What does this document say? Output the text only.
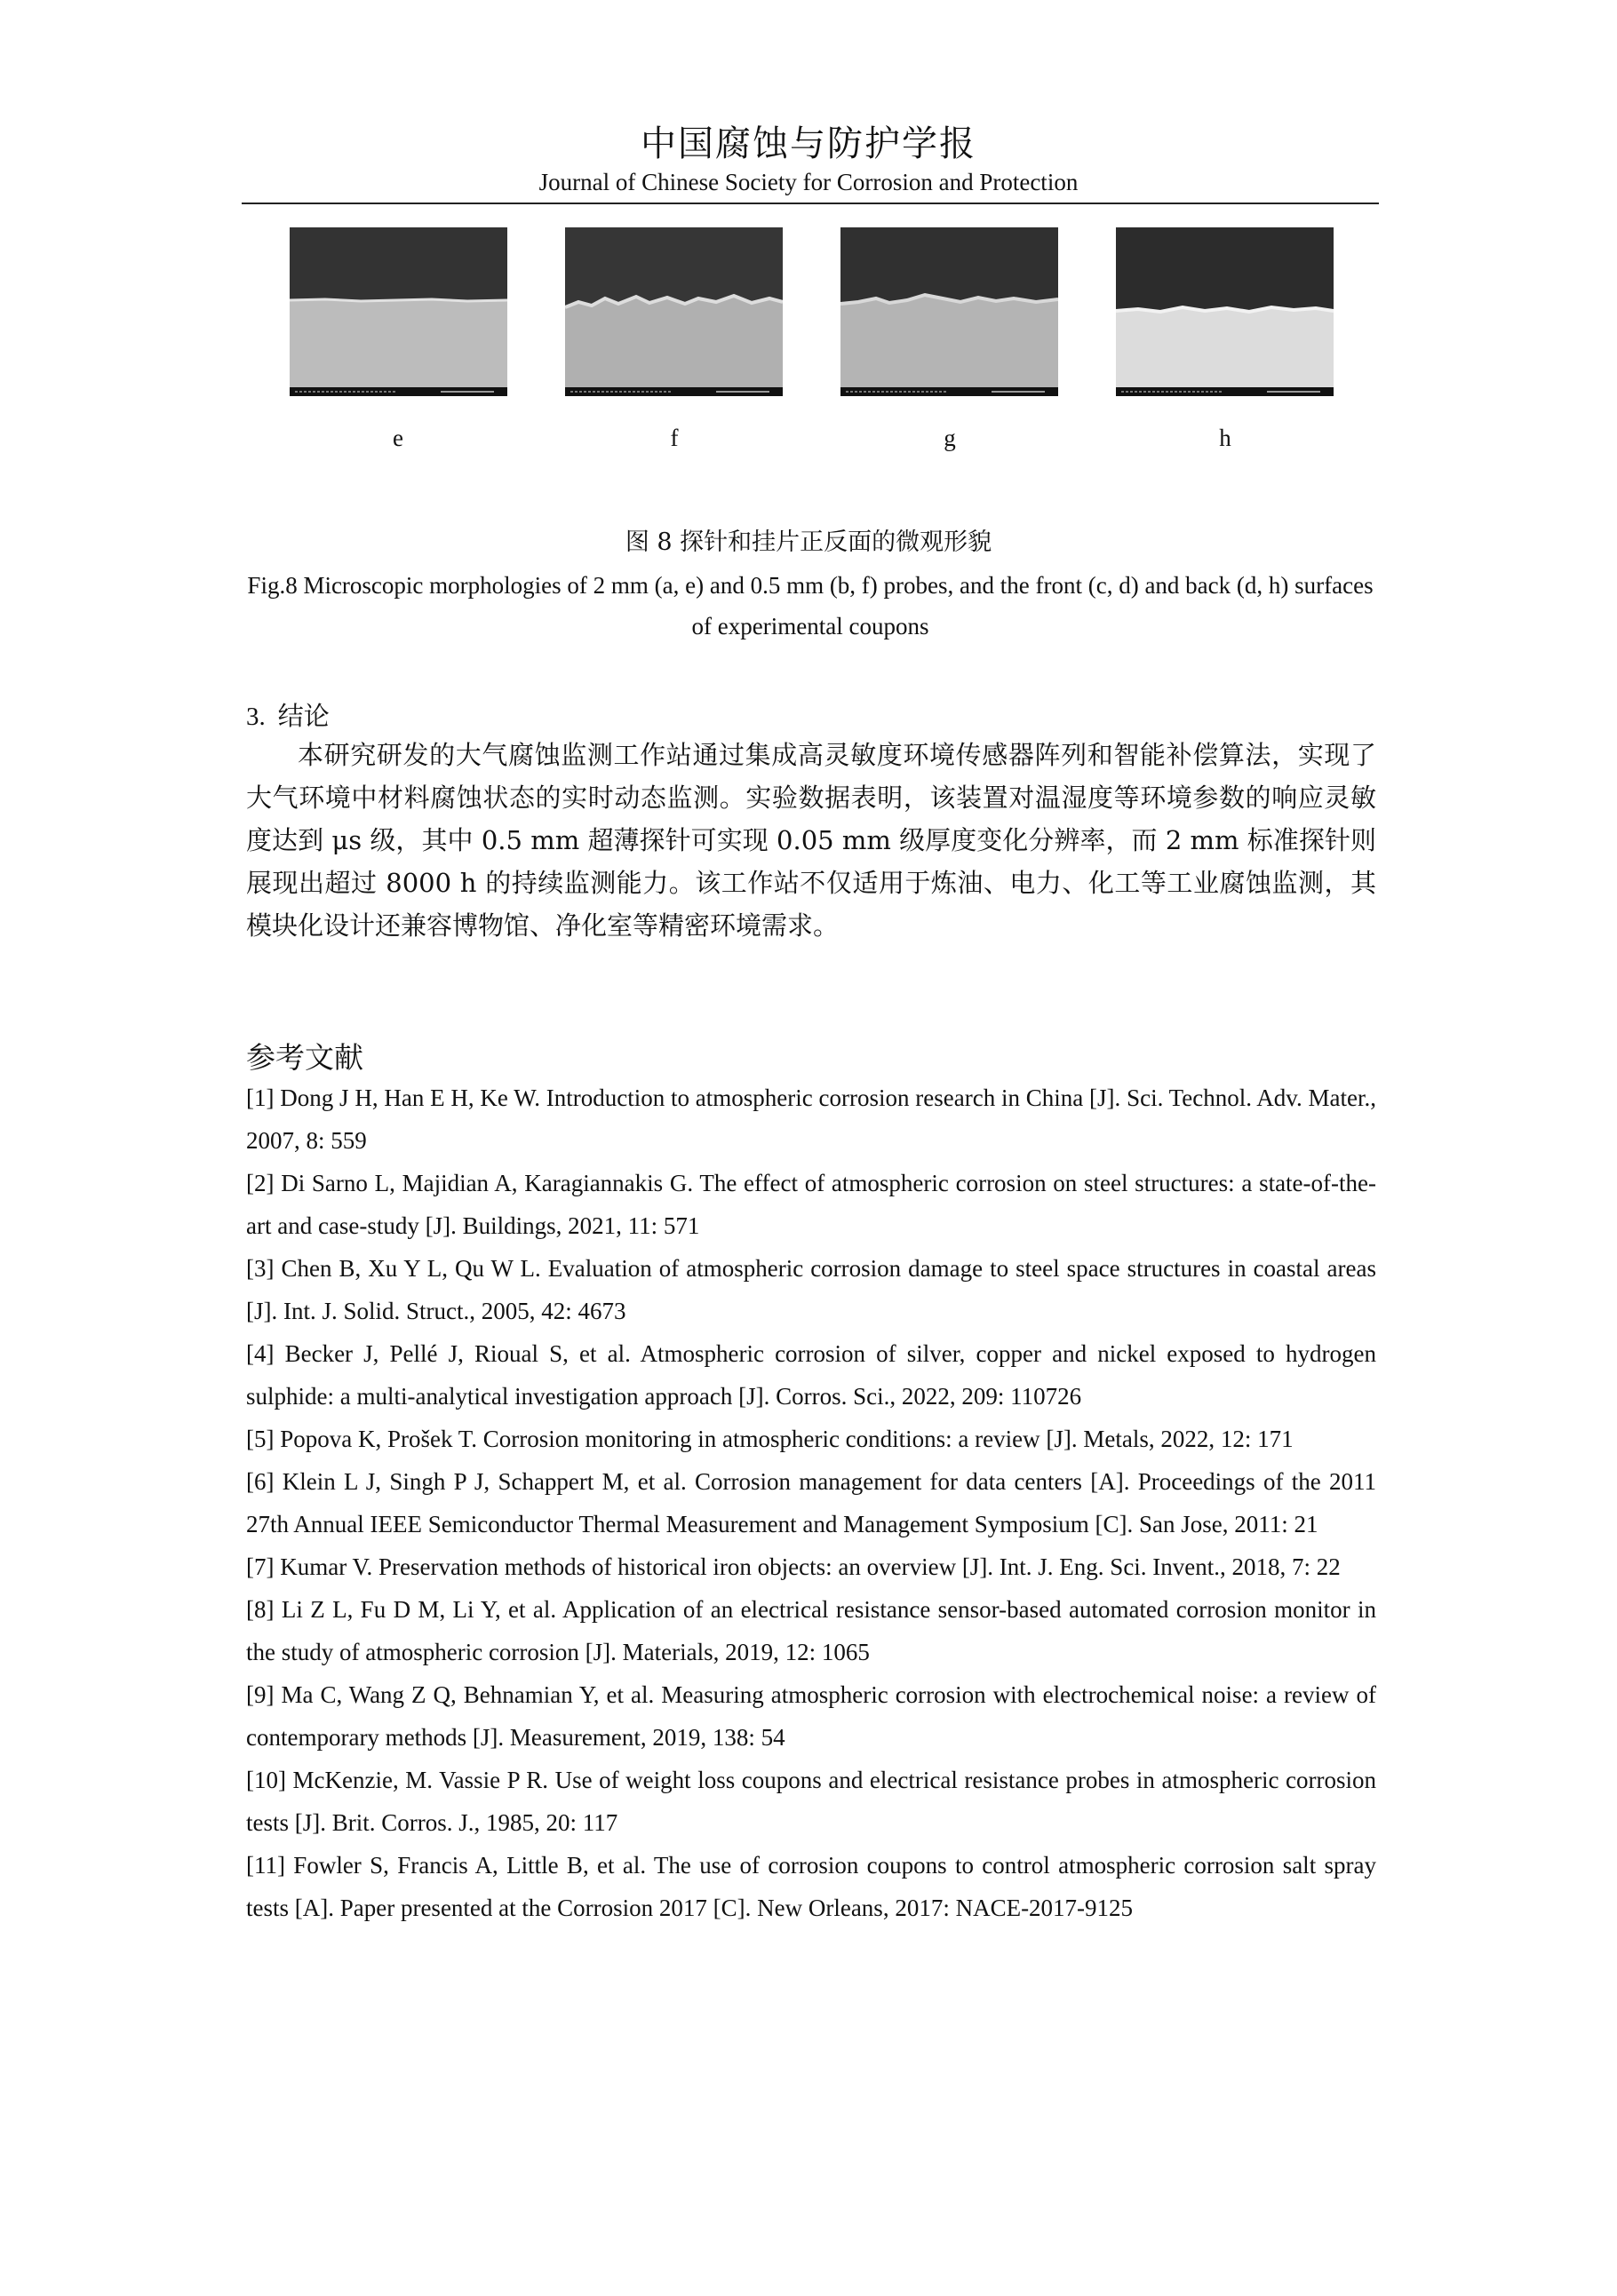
中国腐蚀与防护学报
Journal of Chinese Society for Corrosion and Protection
e	f	g	h
图 8 探针和挂片正反面的微观形貌
Fig.8 Microscopic morphologies of 2 mm (a, e) and 0.5 mm (b, f) probes, and the front (c, d) and back (d, h) surfaces of experimental coupons
3. 结论
本研究研发的大气腐蚀监测工作站通过集成高灵敏度环境传感器阵列和智能补偿算法，实现了大气环境中材料腐蚀状态的实时动态监测。实验数据表明，该装置对温湿度等环境参数的响应灵敏度达到 μs 级，其中 0.5 mm 超薄探针可实现 0.05 mm 级厚度变化分辨率，而 2 mm 标准探针则展现出超过 8000 h 的持续监测能力。该工作站不仅适用于炼油、电力、化工等工业腐蚀监测，其模块化设计还兼容博物馆、净化室等精密环境需求。
参考文献

[1] Dong J H, Han E H, Ke W. Introduction to atmospheric corrosion research in China [J]. Sci. Technol. Adv. Mater., 2007, 8: 559

[2] Di Sarno L, Majidian A, Karagiannakis G. The effect of atmospheric corrosion on steel structures: a state-of-the-art and case-study [J]. Buildings, 2021, 11: 571

[3] Chen B, Xu Y L, Qu W L. Evaluation of atmospheric corrosion damage to steel space structures in coastal areas [J]. Int. J. Solid. Struct., 2005, 42: 4673

[4] Becker J, Pellé J, Rioual S, et al. Atmospheric corrosion of silver, copper and nickel exposed to hydrogen sulphide: a multi-analytical investigation approach [J]. Corros. Sci., 2022, 209: 110726

[5] Popova K, Prošek T. Corrosion monitoring in atmospheric conditions: a review [J]. Metals, 2022, 12: 171

[6] Klein L J, Singh P J, Schappert M, et al. Corrosion management for data centers [A]. Proceedings of the 2011 27th Annual IEEE Semiconductor Thermal Measurement and Management Symposium [C]. San Jose, 2011: 21

[7] Kumar V. Preservation methods of historical iron objects: an overview [J]. Int. J. Eng. Sci. Invent., 2018, 7: 22

[8] Li Z L, Fu D M, Li Y, et al. Application of an electrical resistance sensor-based automated corrosion monitor in the study of atmospheric corrosion [J]. Materials, 2019, 12: 1065

[9] Ma C, Wang Z Q, Behnamian Y, et al. Measuring atmospheric corrosion with electrochemical noise: a review of contemporary methods [J]. Measurement, 2019, 138: 54

[10] McKenzie, M. Vassie P R. Use of weight loss coupons and electrical resistance probes in atmospheric corrosion tests [J]. Brit. Corros. J., 1985, 20: 117

[11] Fowler S, Francis A, Little B, et al. The use of corrosion coupons to control atmospheric corrosion salt spray tests [A]. Paper presented at the Corrosion 2017 [C]. New Orleans, 2017: NACE-2017-9125
